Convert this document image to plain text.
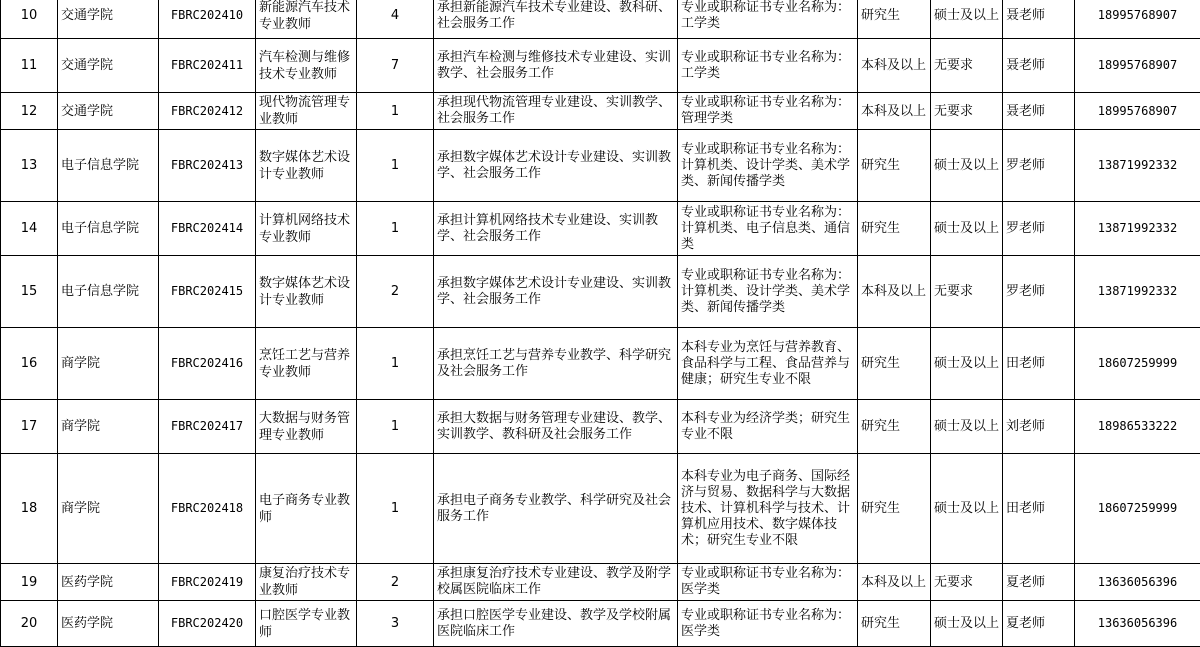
10	交通学院	FBRC202410	新能源汽车技术专业教师	4	承担新能源汽车技术专业建设、教科研、社会服务工作	专业或职称证书专业名称为：工学类	研究生	硕士及以上	聂老师	18995768907
11	交通学院	FBRC202411	汽车检测与维修技术专业教师	7	承担汽车检测与维修技术专业建设、实训教学、社会服务工作	专业或职称证书专业名称为：工学类	本科及以上	无要求	聂老师	18995768907
12	交通学院	FBRC202412	现代物流管理专业教师	1	承担现代物流管理专业建设、实训教学、社会服务工作	专业或职称证书专业名称为：管理学类	本科及以上	无要求	聂老师	18995768907
13	电子信息学院	FBRC202413	数字媒体艺术设计专业教师	1	承担数字媒体艺术设计专业建设、实训教学、社会服务工作	专业或职称证书专业名称为：计算机类、设计学类、美术学类、新闻传播学类	研究生	硕士及以上	罗老师	13871992332
14	电子信息学院	FBRC202414	计算机网络技术专业教师	1	承担计算机网络技术专业建设、实训教学、社会服务工作	专业或职称证书专业名称为：计算机类、电子信息类、通信类	研究生	硕士及以上	罗老师	13871992332
15	电子信息学院	FBRC202415	数字媒体艺术设计专业教师	2	承担数字媒体艺术设计专业建设、实训教学、社会服务工作	专业或职称证书专业名称为：计算机类、设计学类、美术学类、新闻传播学类	本科及以上	无要求	罗老师	13871992332
16	商学院	FBRC202416	烹饪工艺与营养专业教师	1	承担烹饪工艺与营养专业教学、科学研究及社会服务工作	本科专业为烹饪与营养教育、食品科学与工程、食品营养与健康；研究生专业不限	研究生	硕士及以上	田老师	18607259999
17	商学院	FBRC202417	大数据与财务管理专业教师	1	承担大数据与财务管理专业建设、教学、实训教学、教科研及社会服务工作	本科专业为经济学类；研究生专业不限	研究生	硕士及以上	刘老师	18986533222
18	商学院	FBRC202418	电子商务专业教师	1	承担电子商务专业教学、科学研究及社会服务工作	本科专业为电子商务、国际经济与贸易、数据科学与大数据技术、计算机科学与技术、计算机应用技术、数字媒体技术；研究生专业不限	研究生	硕士及以上	田老师	18607259999
19	医药学院	FBRC202419	康复治疗技术专业教师	2	承担康复治疗技术专业建设、教学及附学校属医院临床工作	专业或职称证书专业名称为：医学类	本科及以上	无要求	夏老师	13636056396
20	医药学院	FBRC202420	口腔医学专业教师	3	承担口腔医学专业建设、教学及学校附属医院临床工作	专业或职称证书专业名称为：医学类	研究生	硕士及以上	夏老师	13636056396
